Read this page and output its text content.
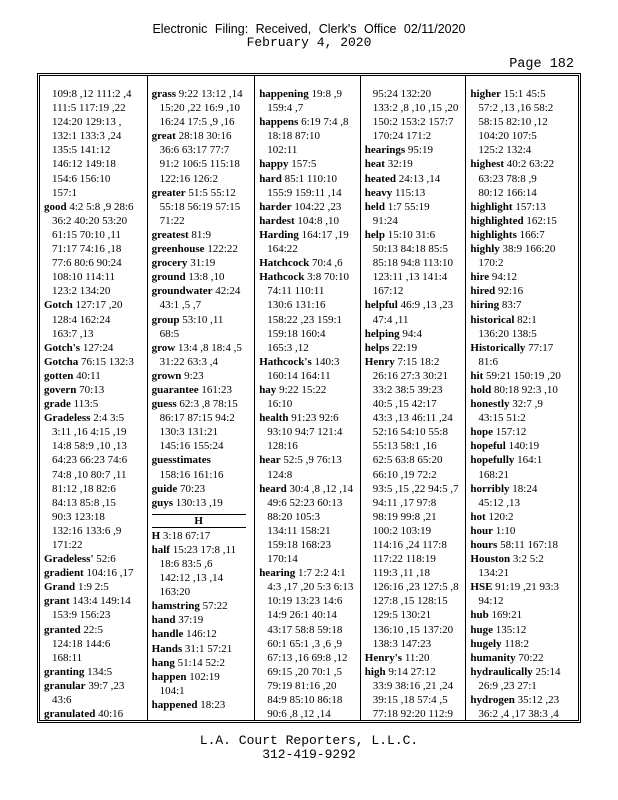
Electronic Filing: Received, Clerk's Office 02/11/2020
February 4, 2020
Page 182
109:8 ,12 111:2 ,4
111:5 117:19 ,22
124:20 129:13 ,
132:1 133:3 ,24
135:5 141:12
146:12 149:18
154:6 156:10
157:1
good 4:2 5:8 ,9 28:6
36:2 40:20 53:20
61:15 70:10 ,11
71:17 74:16 ,18
77:6 80:6 90:24
108:10 114:11
123:2 134:20
Gotch 127:17 ,20
128:4 162:24
163:7 ,13
Gotch's 127:24
Gotcha 76:15 132:3
gotten 40:11
govern 70:13
grade 113:5
Gradeless 2:4 3:5
3:11 ,16 4:15 ,19
14:8 58:9 ,10 ,13
64:23 66:23 74:6
74:8 ,10 80:7 ,11
81:12 ,18 82:6
84:13 85:8 ,15
90:3 123:18
132:16 133:6 ,9
171:22
Gradeless' 52:6
gradient 104:16 ,17
Grand 1:9 2:5
grant 143:4 149:14
153:9 156:23
granted 22:5
124:18 144:6
168:11
granting 134:5
granular 39:7 ,23
43:6
granulated 40:16
grass 9:22 13:12 ,14
15:20 ,22 16:9 ,10
16:24 17:5 ,9 ,16
great 28:18 30:16
36:6 63:17 77:7
91:2 106:5 115:18
122:16 126:2
greater 51:5 55:12
55:18 56:19 57:15
71:22
greatest 81:9
greenhouse 122:22
grocery 31:19
ground 13:8 ,10
groundwater 42:24
43:1 ,5 ,7
group 53:10 ,11
68:5
grow 13:4 ,8 18:4 ,5
31:22 63:3 ,4
grown 9:23
guarantee 161:23
guess 62:3 ,8 78:15
86:17 87:15 94:2
130:3 131:21
145:16 155:24
guesstimates
158:16 161:16
guide 70:23
guys 130:13 ,19
H
H 3:18 67:17
half 15:23 17:8 ,11
18:6 83:5 ,6
142:12 ,13 ,14
163:20
hamstring 57:22
hand 37:19
handle 146:12
Hands 31:1 57:21
hang 51:14 52:2
happen 102:19
104:1
happened 18:23
happening 19:8 ,9
159:4 ,7
happens 6:19 7:4 ,8
18:18 87:10
102:11
happy 157:5
hard 85:1 110:10
155:9 159:11 ,14
harder 104:22 ,23
hardest 104:8 ,10
Harding 164:17 ,19
164:22
Hatchcock 70:4 ,6
Hathcock 3:8 70:10
74:11 110:11
130:6 131:16
158:22 ,23 159:1
159:18 160:4
165:3 ,12
Hathcock's 140:3
160:14 164:11
hay 9:22 15:22
16:10
health 91:23 92:6
93:10 94:7 121:4
128:16
hear 52:5 ,9 76:13
124:8
heard 30:4 ,8 ,12 ,14
49:6 52:23 60:13
88:20 105:3
134:11 158:21
159:18 168:23
170:14
hearing 1:7 2:2 4:1
4:3 ,17 ,20 5:3 6:13
10:19 13:23 14:6
14:9 26:1 40:14
43:17 58:8 59:18
60:1 65:1 ,3 ,6 ,9
67:13 ,16 69:8 ,12
69:15 ,20 70:1 ,5
79:19 81:16 ,20
84:9 85:10 86:18
90:6 ,8 ,12 ,14
95:24 132:20
133:2 ,8 ,10 ,15 ,20
150:2 153:2 157:7
170:24 171:2
hearings 95:19
heat 32:19
heated 24:13 ,14
heavy 115:13
held 1:7 55:19
91:24
help 15:10 31:6
50:13 84:18 85:5
85:18 94:8 113:10
123:11 ,13 141:4
167:12
helpful 46:9 ,13 ,23
47:4 ,11
helping 94:4
helps 22:19
Henry 7:15 18:2
26:16 27:3 30:21
33:2 38:5 39:23
40:5 ,15 42:17
43:3 ,13 46:11 ,24
52:16 54:10 55:8
55:13 58:1 ,16
62:5 63:8 65:20
66:10 ,19 72:2
93:5 ,15 ,22 94:5 ,7
94:11 ,17 97:8
98:19 99:8 ,21
100:2 103:19
114:16 ,24 117:8
117:22 118:19
119:3 ,11 ,18
126:16 ,23 127:5 ,8
127:8 ,15 128:15
129:5 130:21
136:10 ,15 137:20
138:3 147:23
Henry's 11:20
high 9:14 27:12
33:9 38:16 ,21 ,24
39:15 ,18 57:4 ,5
77:18 92:20 112:9
higher 15:1 45:5
57:2 ,13 ,16 58:2
58:15 82:10 ,12
104:20 107:5
125:2 132:4
highest 40:2 63:22
63:23 78:8 ,9
80:12 166:14
highlight 157:13
highlighted 162:15
highlights 166:7
highly 38:9 166:20
170:2
hire 94:12
hired 92:16
hiring 83:7
historical 82:1
136:20 138:5
Historically 77:17
81:6
hit 59:21 150:19 ,20
hold 80:18 92:3 ,10
honestly 32:7 ,9
43:15 51:2
hope 157:12
hopeful 140:19
hopefully 164:1
168:21
horribly 18:24
45:12 ,13
hot 120:2
hour 1:10
hours 58:11 167:18
Houston 3:2 5:2
134:21
HSE 91:19 ,21 93:3
94:12
hub 169:21
huge 135:12
hugely 118:2
humanity 70:22
hydraulically 25:14
26:9 ,23 27:1
hydrogen 35:12 ,23
36:2 ,4 ,17 38:3 ,4
L.A. Court Reporters, L.L.C.
312-419-9292
